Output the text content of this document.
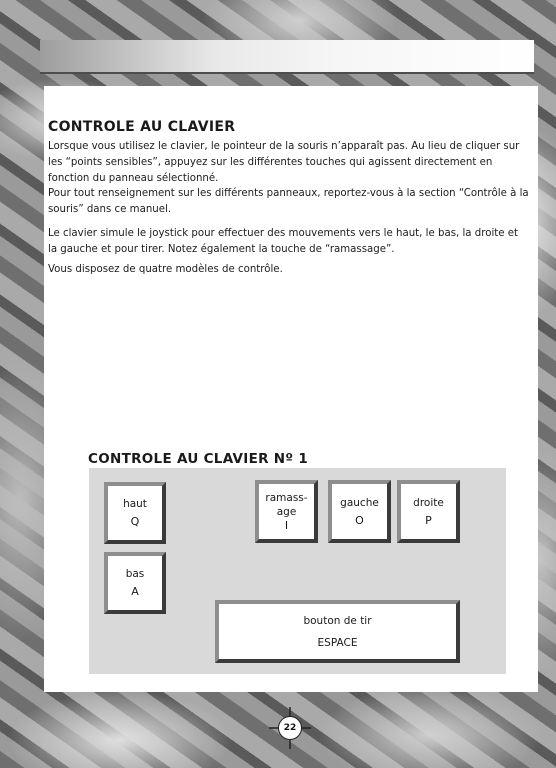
CONTROLE AU CLAVIER

Lorsque vous utilisez le clavier, le pointeur de la souris n’apparaît pas. Au lieu de cliquer sur les “points sensibles”, appuyez sur les différentes touches qui agissent directement en fonction du panneau sélectionné.

Pour tout renseignement sur les différents panneaux, reportez-vous à la section “Contrôle à la souris” dans ce manuel.

Le clavier simule le joystick pour effectuer des mouvements vers le haut, le bas, la droite et la gauche et pour tirer. Notez également la touche de “ramassage”.

Vous disposez de quatre modèles de contrôle.

CONTROLE AU CLAVIER Nº 1
haut
Q
bas
A
ramass-
age
I
gauche
O
droite
P
bouton de tir
ESPACE
22
